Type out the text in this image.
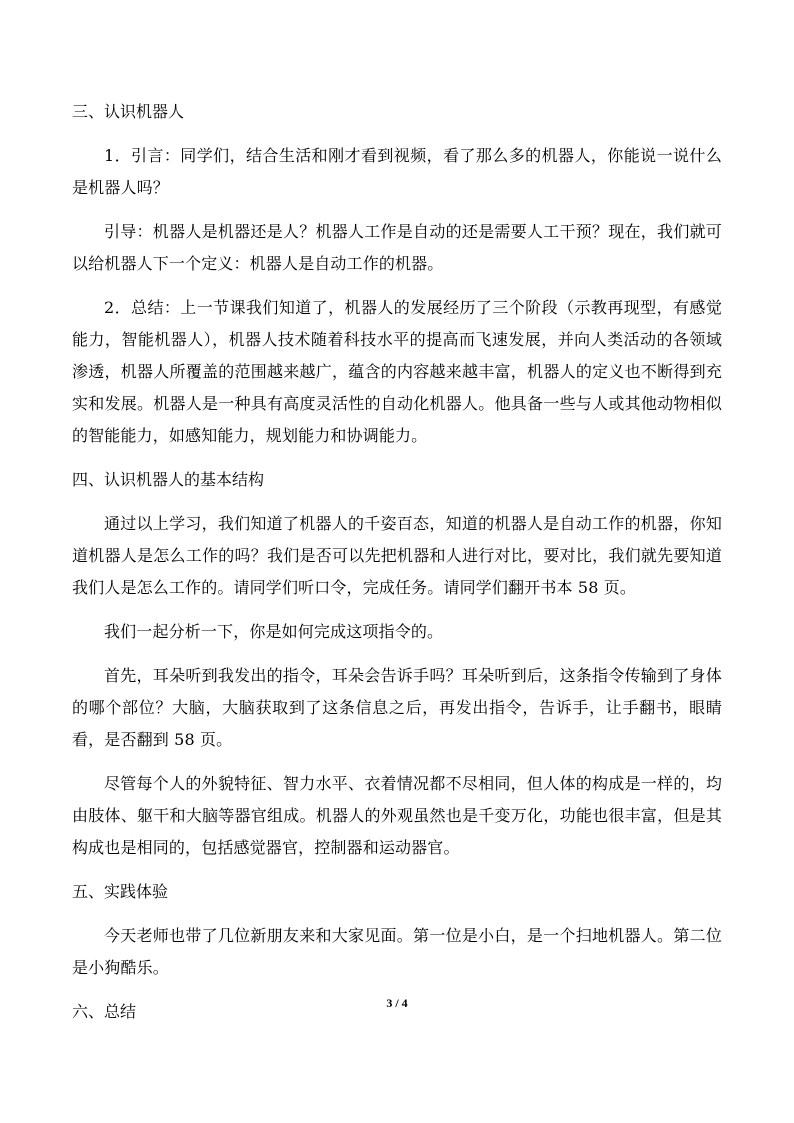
三、认识机器人

1．引言：同学们，结合生活和刚才看到视频，看了那么多的机器人，你能说一说什么是机器人吗？

引导：机器人是机器还是人？机器人工作是自动的还是需要人工干预？现在，我们就可以给机器人下一个定义：机器人是自动工作的机器。

2．总结：上一节课我们知道了，机器人的发展经历了三个阶段（示教再现型，有感觉能力，智能机器人），机器人技术随着科技水平的提高而飞速发展，并向人类活动的各领域渗透，机器人所覆盖的范围越来越广，蕴含的内容越来越丰富，机器人的定义也不断得到充实和发展。机器人是一种具有高度灵活性的自动化机器人。他具备一些与人或其他动物相似的智能能力，如感知能力，规划能力和协调能力。

四、认识机器人的基本结构

通过以上学习，我们知道了机器人的千姿百态，知道的机器人是自动工作的机器，你知道机器人是怎么工作的吗？我们是否可以先把机器和人进行对比，要对比，我们就先要知道我们人是怎么工作的。请同学们听口令，完成任务。请同学们翻开书本 58 页。

我们一起分析一下，你是如何完成这项指令的。

首先，耳朵听到我发出的指令，耳朵会告诉手吗？耳朵听到后，这条指令传输到了身体的哪个部位？大脑，大脑获取到了这条信息之后，再发出指令，告诉手，让手翻书，眼睛看，是否翻到 58 页。

尽管每个人的外貌特征、智力水平、衣着情况都不尽相同，但人体的构成是一样的，均由肢体、躯干和大脑等器官组成。机器人的外观虽然也是千变万化，功能也很丰富，但是其构成也是相同的，包括感觉器官，控制器和运动器官。

五、实践体验

今天老师也带了几位新朋友来和大家见面。第一位是小白，是一个扫地机器人。第二位是小狗酷乐。

六、总结	3 / 4
